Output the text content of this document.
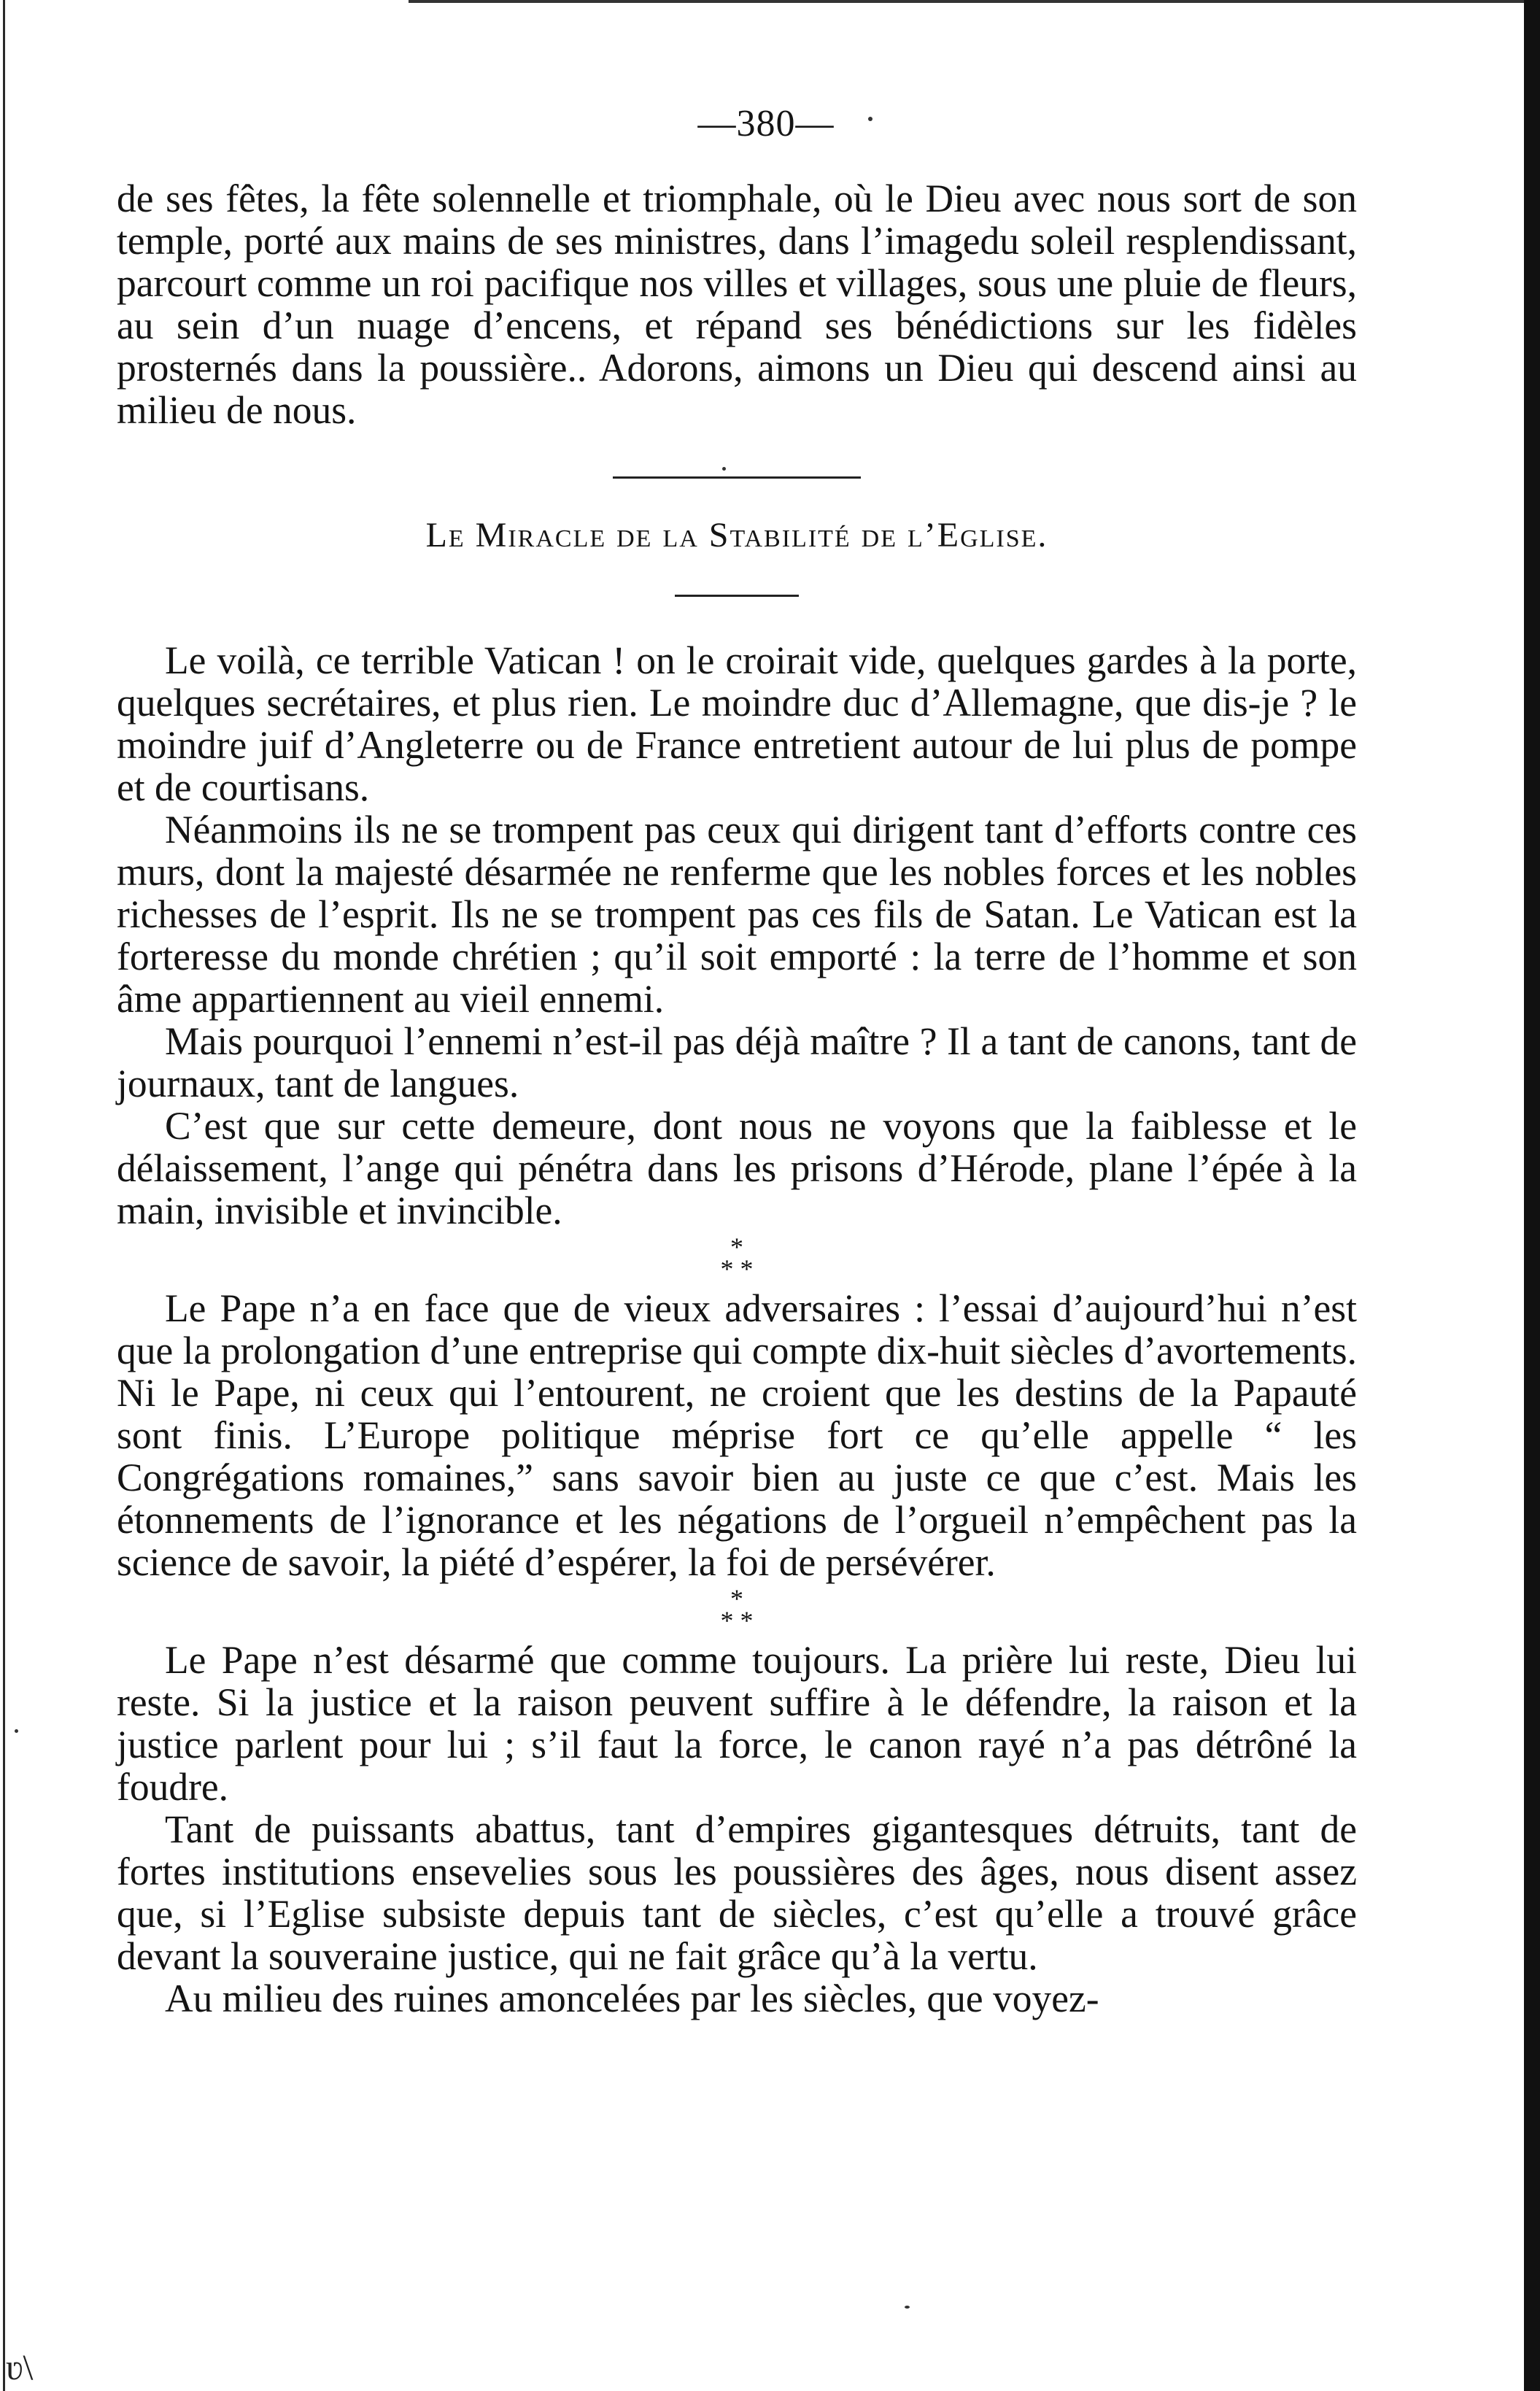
—380—

de ses fêtes, la fête solennelle et triomphale, où le Dieu avec nous sort de son temple, porté aux mains de ses ministres, dans l’imagedu soleil resplendissant, parcourt comme un roi pacifique nos villes et villages, sous une pluie de fleurs, au sein d’un nuage d’encens, et répand ses bénédictions sur les fidèles prosternés dans la poussière.. Adorons, aimons un Dieu qui descend ainsi au milieu de nous.

Le Miracle de la Stabilité de l’Eglise.

Le voilà, ce terrible Vatican ! on le croirait vide, quelques gardes à la porte, quelques secrétaires, et plus rien. Le moindre duc d’Allemagne, que dis-je ? le moindre juif d’Angleterre ou de France entretient autour de lui plus de pompe et de courtisans.

Néanmoins ils ne se trompent pas ceux qui dirigent tant d’efforts contre ces murs, dont la majesté désarmée ne renferme que les nobles forces et les nobles richesses de l’esprit. Ils ne se trompent pas ces fils de Satan. Le Vatican est la forteresse du monde chrétien ; qu’il soit emporté : la terre de l’homme et son âme appartiennent au vieil ennemi.

Mais pourquoi l’ennemi n’est-il pas déjà maître ? Il a tant de canons, tant de journaux, tant de langues.

C’est que sur cette demeure, dont nous ne voyons que la faiblesse et le délaissement, l’ange qui pénétra dans les prisons d’Hérode, plane l’épée à la main, invisible et invincible.

*
* *

Le Pape n’a en face que de vieux adversaires : l’essai d’aujourd’hui n’est que la prolongation d’une entreprise qui compte dix-huit siècles d’avortements. Ni le Pape, ni ceux qui l’entourent, ne croient que les destins de la Papauté sont finis. L’Europe politique méprise fort ce qu’elle appelle “ les Congrégations romaines,” sans savoir bien au juste ce que c’est. Mais les étonnements de l’ignorance et les négations de l’orgueil n’empêchent pas la science de savoir, la piété d’espérer, la foi de persévérer.

*
* *

Le Pape n’est désarmé que comme toujours. La prière lui reste, Dieu lui reste. Si la justice et la raison peuvent suffire à le défendre, la raison et la justice parlent pour lui ; s’il faut la force, le canon rayé n’a pas détrôné la foudre.

Tant de puissants abattus, tant d’empires gigantesques détruits, tant de fortes institutions ensevelies sous les poussières des âges, nous disent assez que, si l’Eglise subsiste depuis tant de siècles, c’est qu’elle a trouvé grâce devant la souveraine justice, qui ne fait grâce qu’à la vertu.

Au milieu des ruines amoncelées par les siècles, que voyez-

ʋ\
